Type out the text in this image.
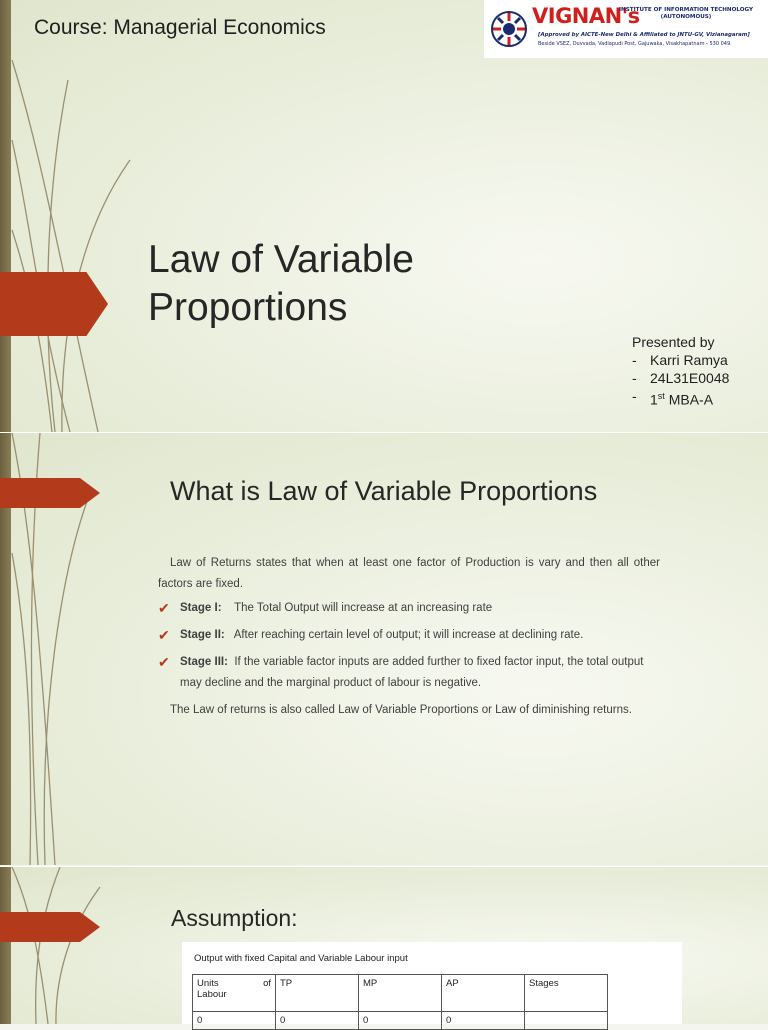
Course: Managerial Economics	VIGNAN's
INSTITUTE OF INFORMATION TECHNOLOGY
(AUTONOMOUS)
[Approved by AICTE-New Delhi & Affiliated to JNTU-GV, Vizianagaram]
Beside VSEZ, Duvvada, Vadlapudi Post, Gajuwaka, Visakhapatnam - 530 049.
Law of Variable
Proportions
Presented by
- Karri Ramya
- 24L31E0048
- 1st MBA-A
What is Law of Variable Proportions

Law of Returns states that when at least one factor of Production is vary and then all other factors are fixed.

✔ Stage I: The Total Output will increase at an increasing rate
✔ Stage II: After reaching certain level of output; it will increase at declining rate.
✔ Stage III: If the variable factor inputs are added further to fixed factor input, the total output may decline and the marginal product of labour is negative.

The Law of returns is also called Law of Variable Proportions or Law of diminishing returns.

Assumption:
Output with fixed Capital and Variable Labour input
Units of
Labour	TP	MP	AP	Stages
0	0	0	0	
